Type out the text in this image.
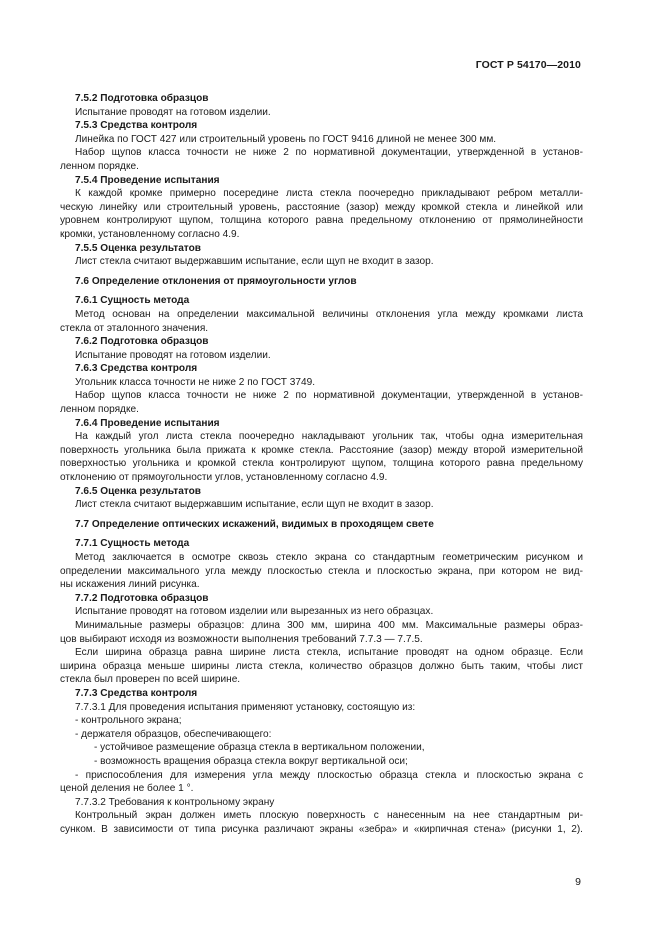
ГОСТ Р 54170—2010

7.5.2 Подготовка образцов

Испытание проводят на готовом изделии.

7.5.3 Средства контроля

Линейка по ГОСТ 427 или строительный уровень по ГОСТ 9416 длиной не менее 300 мм.

Набор щупов класса точности не ниже 2 по нормативной документации, утвержденной в установ-

ленном порядке.

7.5.4 Проведение испытания

К каждой кромке примерно посередине листа стекла поочередно прикладывают ребром металли-

ческую линейку или строительный уровень, расстояние (зазор) между кромкой стекла и линейкой или

уровнем контролируют щупом, толщина которого равна предельному отклонению от прямолинейности

кромки, установленному согласно 4.9.

7.5.5 Оценка результатов

Лист стекла считают выдержавшим испытание, если щуп не входит в зазор.

7.6 Определение отклонения от прямоугольности углов

7.6.1 Сущность метода

Метод основан на определении максимальной величины отклонения угла между кромками листа

стекла от эталонного значения.

7.6.2 Подготовка образцов

Испытание проводят на готовом изделии.

7.6.3 Средства контроля

Угольник класса точности не ниже 2 по ГОСТ 3749.

Набор щупов класса точности не ниже 2 по нормативной документации, утвержденной в установ-

ленном порядке.

7.6.4 Проведение испытания

На каждый угол листа стекла поочередно накладывают угольник так, чтобы одна измерительная

поверхность угольника была прижата к кромке стекла. Расстояние (зазор) между второй измерительной

поверхностью угольника и кромкой стекла контролируют щупом, толщина которого равна предельному

отклонению от прямоугольности углов, установленному согласно 4.9.

7.6.5 Оценка результатов

Лист стекла считают выдержавшим испытание, если щуп не входит в зазор.

7.7 Определение оптических искажений, видимых в проходящем свете

7.7.1 Сущность метода

Метод заключается в осмотре сквозь стекло экрана со стандартным геометрическим рисунком и

определении максимального угла между плоскостью стекла и плоскостью экрана, при котором не вид-

ны искажения линий рисунка.

7.7.2 Подготовка образцов

Испытание проводят на готовом изделии или вырезанных из него образцах.

Минимальные размеры образцов: длина 300 мм, ширина 400 мм. Максимальные размеры образ-

цов выбирают исходя из возможности выполнения требований 7.7.3 — 7.7.5.

Если ширина образца равна ширине листа стекла, испытание проводят на одном образце. Если

ширина образца меньше ширины листа стекла, количество образцов должно быть таким, чтобы лист

стекла был проверен по всей ширине.

7.7.3 Средства контроля

7.7.3.1 Для проведения испытания применяют установку, состоящую из:

- контрольного экрана;

- держателя образцов, обеспечивающего:

- устойчивое размещение образца стекла в вертикальном положении,

- возможность вращения образца стекла вокруг вертикальной оси;

- приспособления для измерения угла между плоскостью образца стекла и плоскостью экрана с

ценой деления не более 1 °.

7.7.3.2 Требования к контрольному экрану

Контрольный экран должен иметь плоскую поверхность с нанесенным на нее стандартным ри-

сунком. В зависимости от типа рисунка различают экраны «зебра» и «кирпичная стена» (рисунки 1, 2).

9
